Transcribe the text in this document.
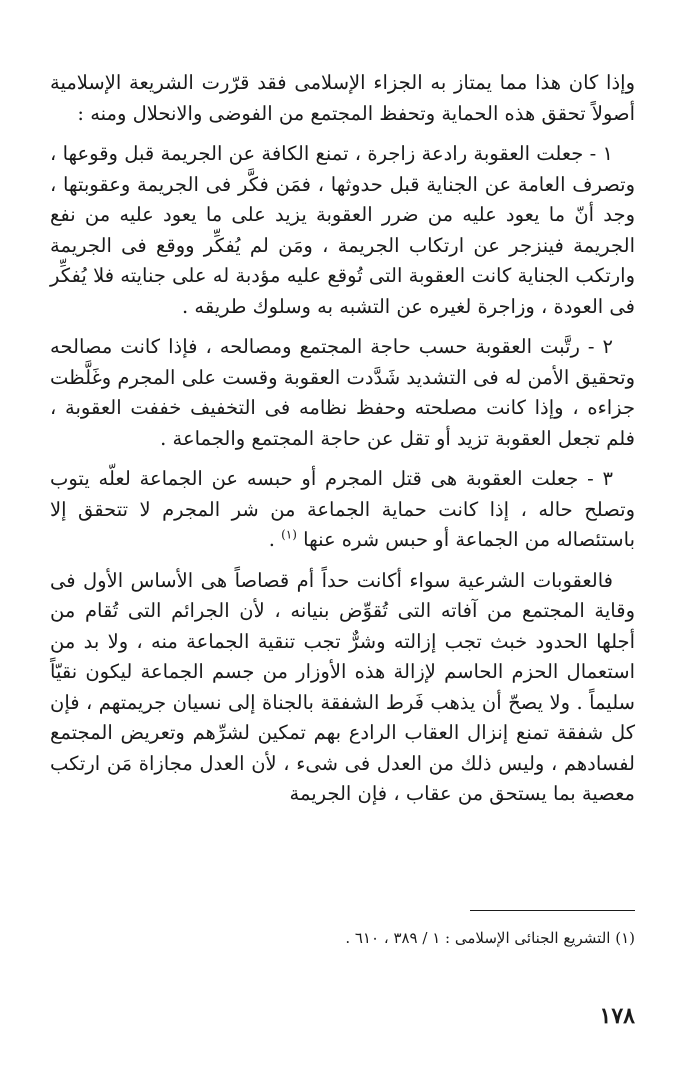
وإذا كان هذا مما يمتاز به الجزاء الإسلامى فقد قرّرت الشريعة الإسلامية أصولاً تحقق هذه الحماية وتحفظ المجتمع من الفوضى والانحلال ومنه :

١ - جعلت العقوبة رادعة زاجرة ، تمنع الكافة عن الجريمة قبل وقوعها ، وتصرف العامة عن الجناية قبل حدوثها ، فمَن فكَّر فى الجريمة وعقوبتها ، وجد أنّ ما يعود عليه من ضرر العقوبة يزيد على ما يعود عليه من نفع الجريمة فينزجر عن ارتكاب الجريمة ، ومَن لم يُفكِّر ووقع فى الجريمة وارتكب الجناية كانت العقوبة التى تُوقع عليه مؤدبة له على جنايته فلا يُفكِّر فى العودة ، وزاجرة لغيره عن التشبه به وسلوك طريقه .

٢ - رتَّبت العقوبة حسب حاجة المجتمع ومصالحه ، فإذا كانت مصالحه وتحقيق الأمن له فى التشديد شَدَّدت العقوبة وقست على المجرم وغَلَّظت جزاءه ، وإذا كانت مصلحته وحفظ نظامه فى التخفيف خففت العقوبة ، فلم تجعل العقوبة تزيد أو تقل عن حاجة المجتمع والجماعة .

٣ - جعلت العقوبة هى قتل المجرم أو حبسه عن الجماعة لعلّه يتوب وتصلح حاله ، إذا كانت حماية الجماعة من شر المجرم لا تتحقق إلا باستئصاله من الجماعة أو حبس شره عنها $^{(١)}$ .

فالعقوبات الشرعية سواء أكانت حداً أم قصاصاً هى الأساس الأول فى وقاية المجتمع من آفاته التى تُقوِّض بنيانه ، لأن الجرائم التى تُقام من أجلها الحدود خبث تجب إزالته وشرٌّ تجب تنقية الجماعة منه ، ولا بد من استعمال الحزم الحاسم لإزالة هذه الأوزار من جسم الجماعة ليكون نقيّاً سليماً . ولا يصحّ أن يذهب فَرط الشفقة بالجناة إلى نسيان جريمتهم ، فإن كل شفقة تمنع إنزال العقاب الرادع بهم تمكين لشرِّهم وتعريض المجتمع لفسادهم ، وليس ذلك من العدل فى شىء ، لأن العدل مجازاة مَن ارتكب معصية بما يستحق من عقاب ، فإن الجريمة

(١) التشريع الجنائى الإسلامى : ١ / ٣٨٩ ، ٦١٠ .
١٧٨
